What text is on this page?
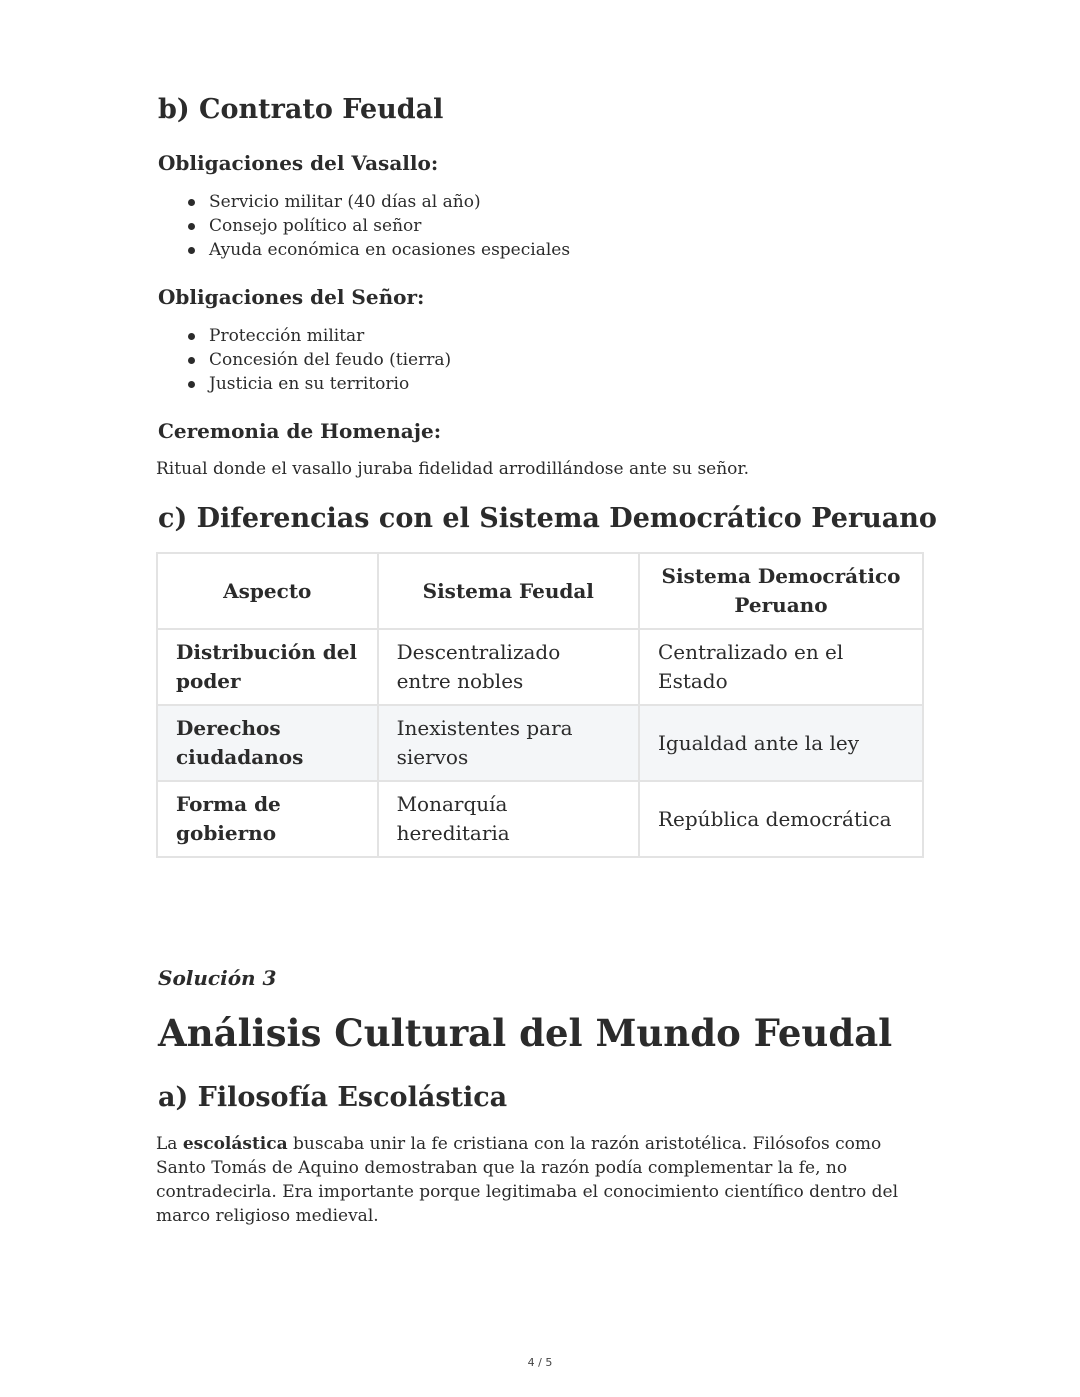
b) Contrato Feudal
Obligaciones del Vasallo:
Servicio militar (40 días al año)
Consejo político al señor
Ayuda económica en ocasiones especiales
Obligaciones del Señor:
Protección militar
Concesión del feudo (tierra)
Justicia en su territorio
Ceremonia de Homenaje:

Ritual donde el vasallo juraba fidelidad arrodillándose ante su señor.

c) Diferencias con el Sistema Democrático Peruano
Aspecto	Sistema Feudal	Sistema Democrático Peruano
Distribución del poder	Descentralizado entre nobles	Centralizado en el Estado
Derechos ciudadanos	Inexistentes para siervos	Igualdad ante la ley
Forma de gobierno	Monarquía hereditaria	República democrática

Solución 3

Análisis Cultural del Mundo Feudal
a) Filosofía Escolástica

La escolástica buscaba unir la fe cristiana con la razón aristotélica. Filósofos como Santo Tomás de Aquino demostraban que la razón podía complementar la fe, no contradecirla. Era importante porque legitimaba el conocimiento científico dentro del marco religioso medieval.

4 / 5
